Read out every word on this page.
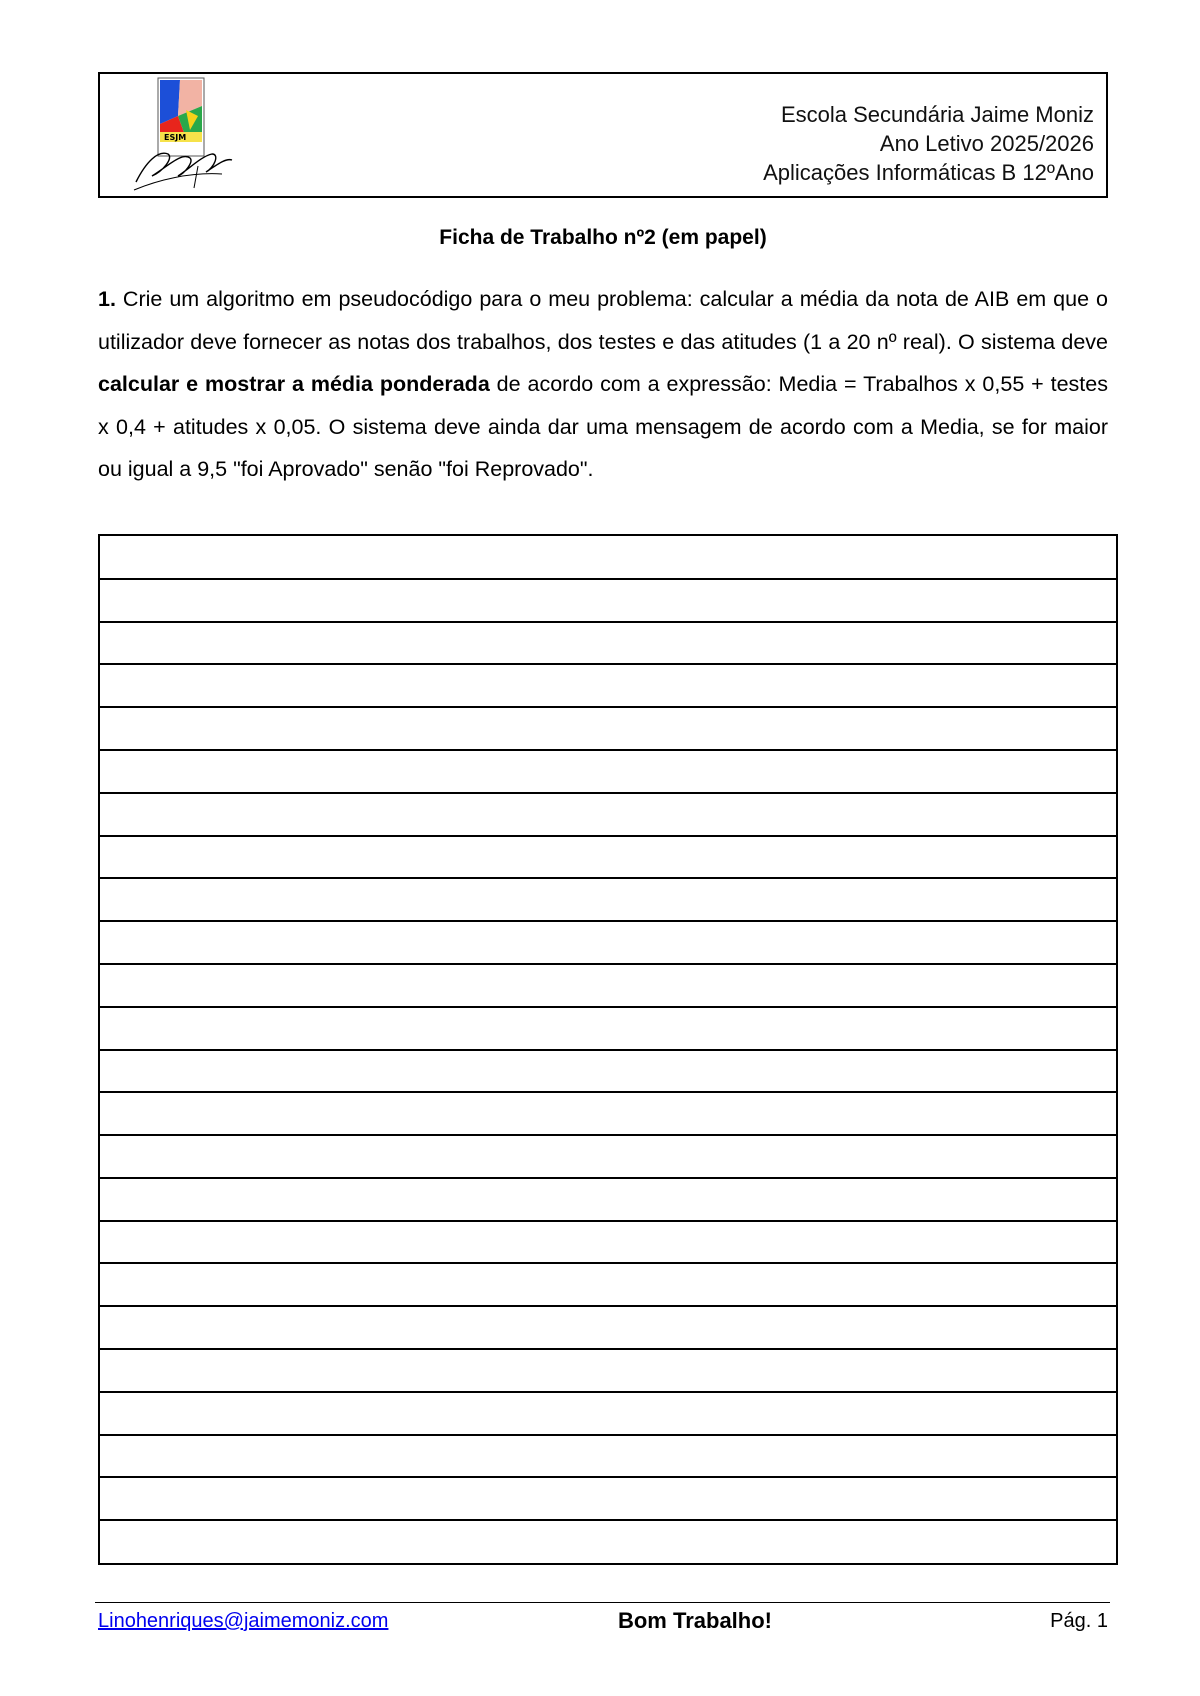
ESJM
Escola Secundária Jaime Moniz
Ano Letivo 2025/2026
Aplicações Informáticas B 12ºAno
Ficha de Trabalho nº2 (em papel)
1. Crie um algoritmo em pseudocódigo para o meu problema: calcular a média da nota de AIB em que o utilizador deve fornecer as notas dos trabalhos, dos testes e das atitudes (1 a 20 nº real). O sistema deve calcular e mostrar a média ponderada de acordo com a expressão: Media = Trabalhos x 0,55 + testes x 0,4 + atitudes x 0,05. O sistema deve ainda dar uma mensagem de acordo com a Media, se for maior ou igual a 9,5 "foi Aprovado" senão "foi Reprovado".
Linohenriques@jaimemoniz.com	Bom Trabalho!	Pág. 1
